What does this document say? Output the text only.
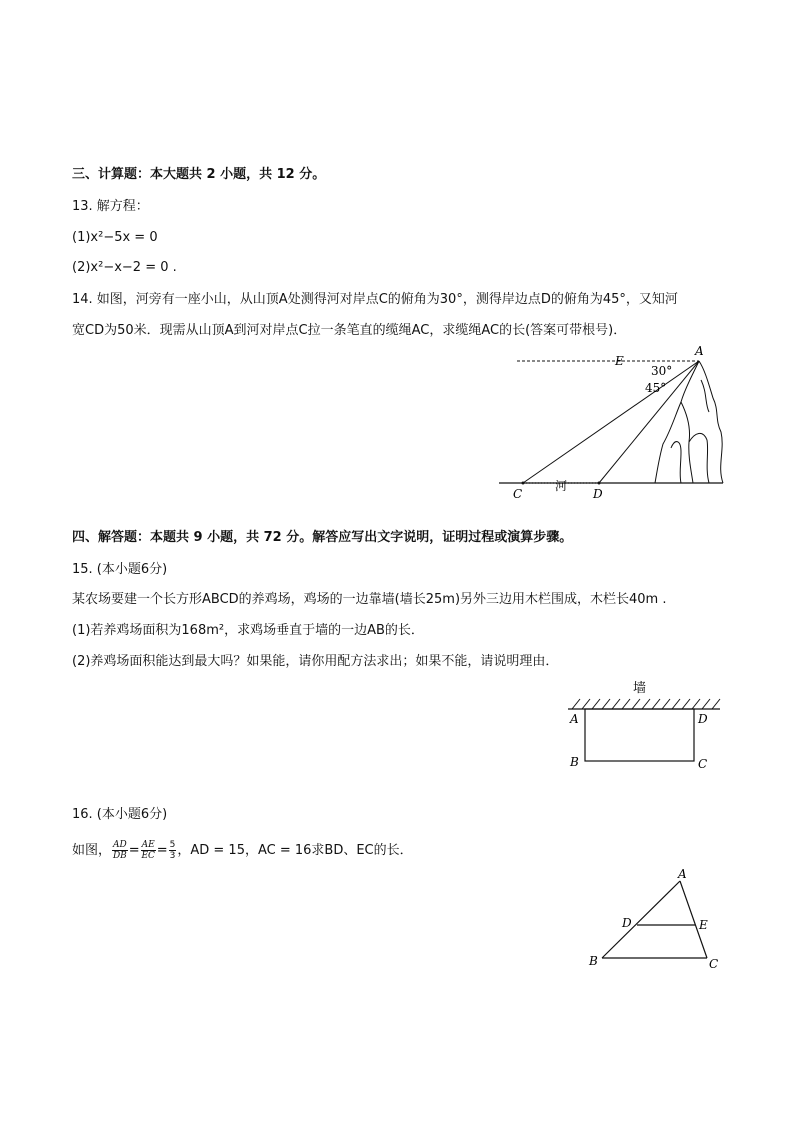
三、计算题：本大题共 2 小题，共 12 分。
13. 解方程：
(1)x²−5x = 0
(2)x²−x−2 = 0 .
14. 如图，河旁有一座小山，从山顶A处测得河对岸点C的俯角为30°，测得岸边点D的俯角为45°，又知河
宽CD为50米．现需从山顶A到河对岸点C拉一条笔直的缆绳AC，求缆绳AC的长(答案可带根号)．
E
A
30°
45°
C
河
D
四、解答题：本题共 9 小题，共 72 分。解答应写出文字说明，证明过程或演算步骤。
15. (本小题6分)
某农场要建一个长方形ABCD的养鸡场，鸡场的一边靠墙(墙长25m)另外三边用木栏围成，木栏长40m .
(1)若养鸡场面积为168m²，求鸡场垂直于墙的一边AB的长．
(2)养鸡场面积能达到最大吗？如果能，请你用配方法求出；如果不能，请说明理由．
墙
A	D
B	C
16. (本小题6分)
如图， $\frac{AD}{DB} = \frac{AE}{EC} = \frac{5}{3}$ ，AD = 15，AC = 16求BD、EC的长．
A
D	E
B	C
